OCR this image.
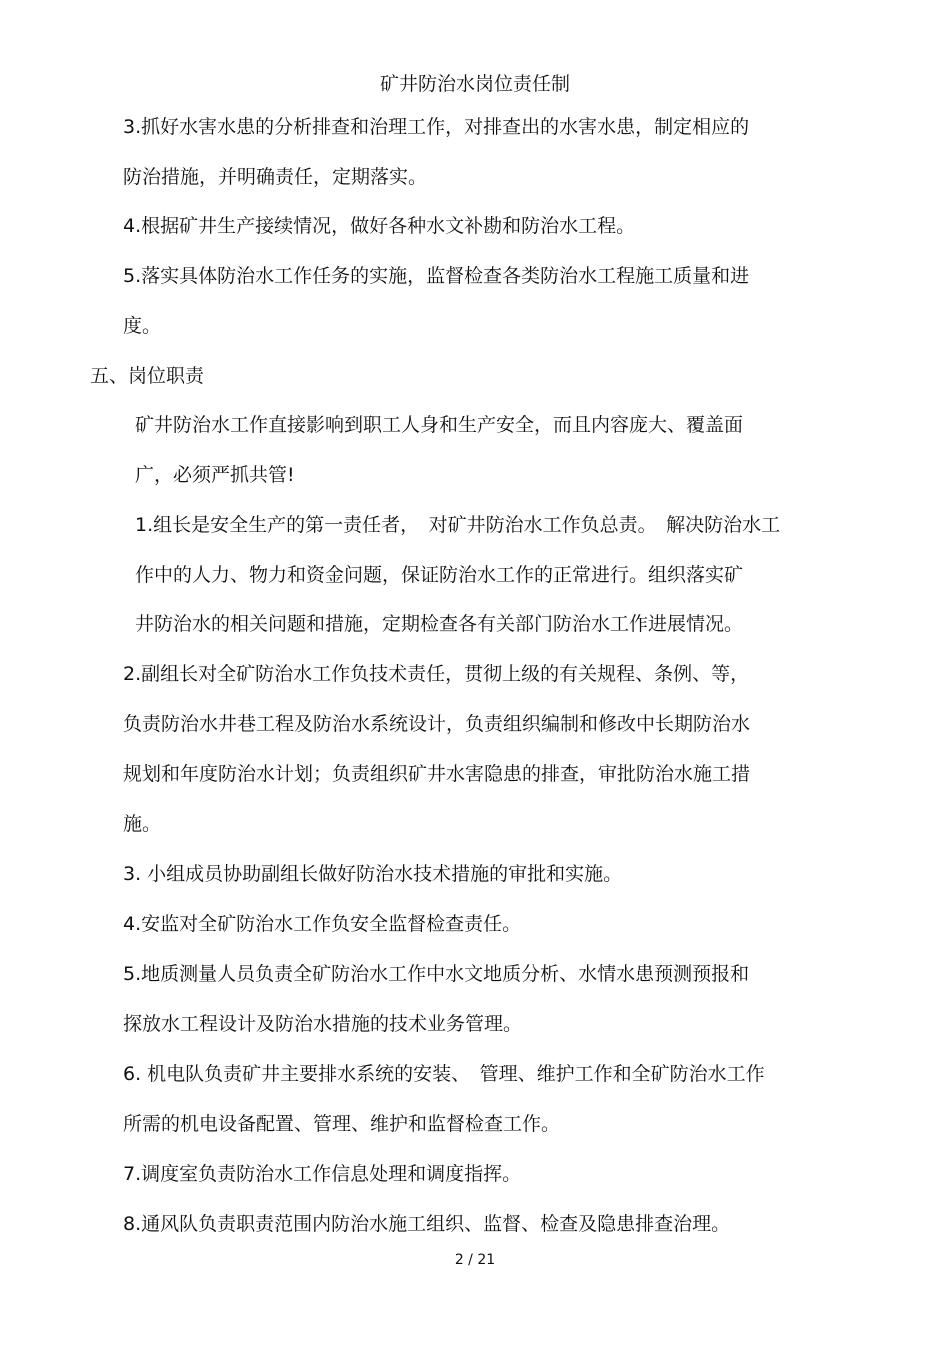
矿井防治水岗位责任制
3.抓好水害水患的分析排查和治理工作，对排查出的水害水患，制定相应的
防治措施，并明确责任，定期落实。
4.根据矿井生产接续情况，做好各种水文补勘和防治水工程。
5.落实具体防治水工作任务的实施，监督检查各类防治水工程施工质量和进
度。
五、岗位职责
矿井防治水工作直接影响到职工人身和生产安全，而且内容庞大、覆盖面
广，必须严抓共管!
1.组长是安全生产的第一责任者，　对矿井防治水工作负总责。　解决防治水工
作中的人力、物力和资金问题，保证防治水工作的正常进行。组织落实矿
井防治水的相关问题和措施，定期检查各有关部门防治水工作进展情况。
2.副组长对全矿防治水工作负技术责任，贯彻上级的有关规程、条例、等，
负责防治水井巷工程及防治水系统设计，负责组织编制和修改中长期防治水
规划和年度防治水计划；负责组织矿井水害隐患的排查，审批防治水施工措
施。
3. 小组成员协助副组长做好防治水技术措施的审批和实施。
4.安监对全矿防治水工作负安全监督检查责任。
5.地质测量人员负责全矿防治水工作中水文地质分析、水情水患预测预报和
探放水工程设计及防治水措施的技术业务管理。
6. 机电队负责矿井主要排水系统的安装、　管理、维护工作和全矿防治水工作
所需的机电设备配置、管理、维护和监督检查工作。
7.调度室负责防治水工作信息处理和调度指挥。
8.通风队负责职责范围内防治水施工组织、监督、检查及隐患排查治理。
2 / 21
